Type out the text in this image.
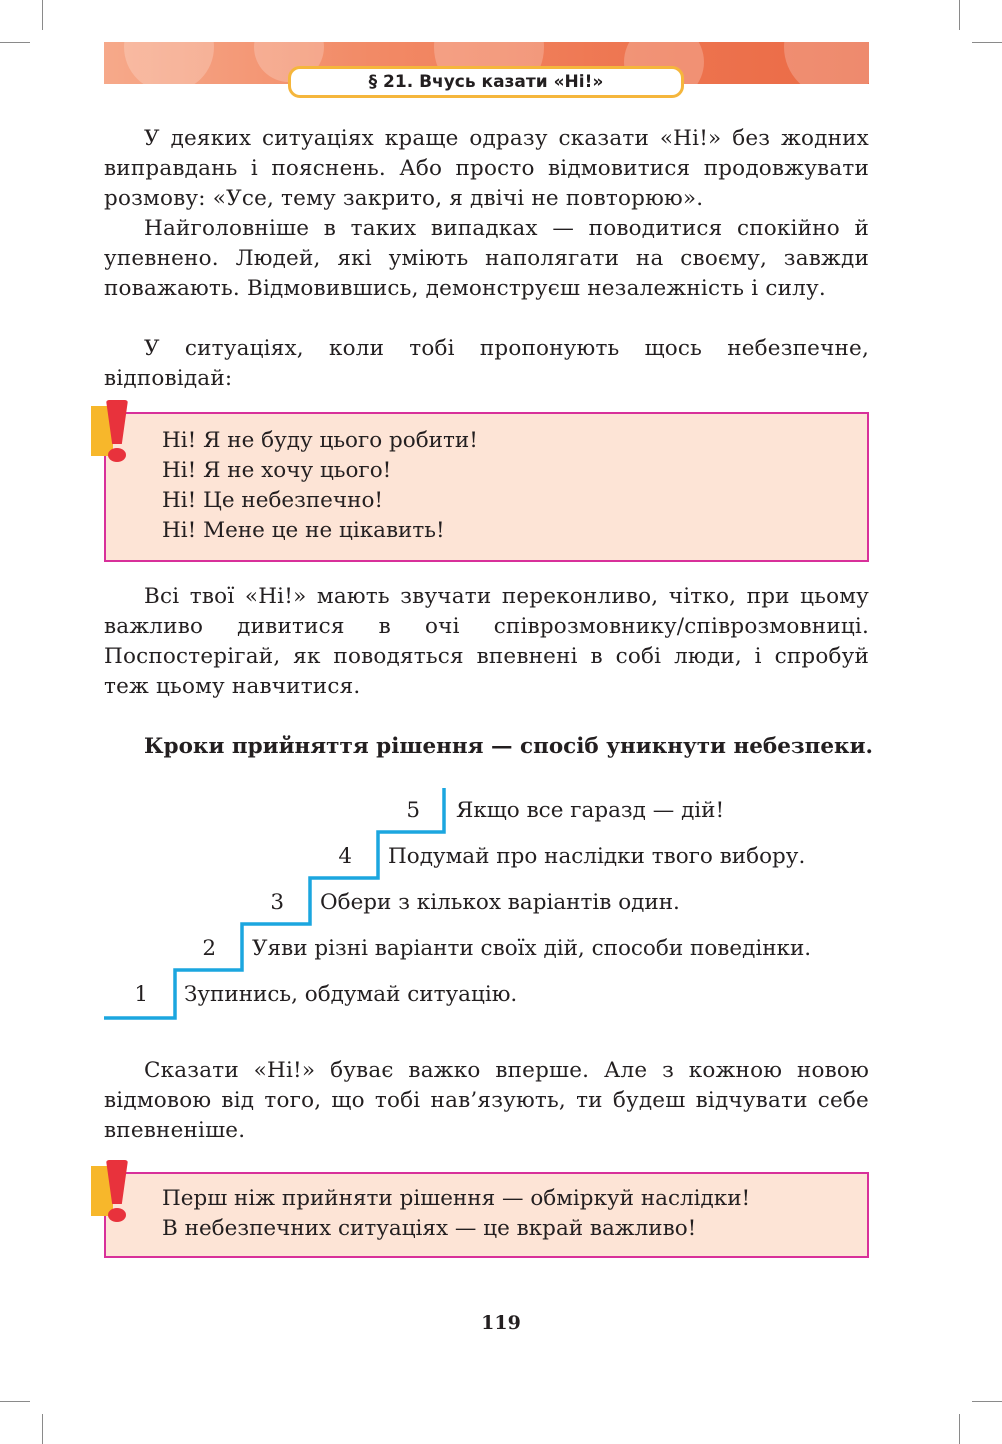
§ 21. Вчусь казати «Ні!»

У деяких ситуаціях краще одразу сказати «Ні!» без жодних виправдань і пояснень. Або просто відмовитися продовжувати розмову: «Усе, тему закрито, я двічі не повторюю».

Найголовніше в таких випадках — поводитися спокійно й упевнено. Людей, які уміють наполягати на своєму, завжди поважають. Відмовившись, демонструєш незалежність і силу.

У ситуаціях, коли тобі пропонують щось небезпечне, відповідай:

Ні! Я не буду цього робити!
Ні! Я не хочу цього!
Ні! Це небезпечно!
Ні! Мене це не цікавить!

Всі твої «Ні!» мають звучати переконливо, чітко, при цьому важливо дивитися в очі співрозмовнику/співрозмовниці. Поспостерігай, як поводяться впевнені в собі люди, і спробуй теж цьому навчитися.

Кроки прийняття рішення — спосіб уникнути небезпеки.
1 Зупинись, обдумай ситуацію.
2 Уяви різні варіанти своїх дій, способи поведінки.
3 Обери з кількох варіантів один.
4 Подумай про наслідки твого вибору.
5 Якщо все гаразд — дій!

Сказати «Ні!» буває важко вперше. Але з кожною новою відмовою від того, що тобі нав’язують, ти будеш відчувати себе впевненіше.

Перш ніж прийняти рішення — обміркуй наслідки!
В небезпечних ситуаціях — це вкрай важливо!
119
